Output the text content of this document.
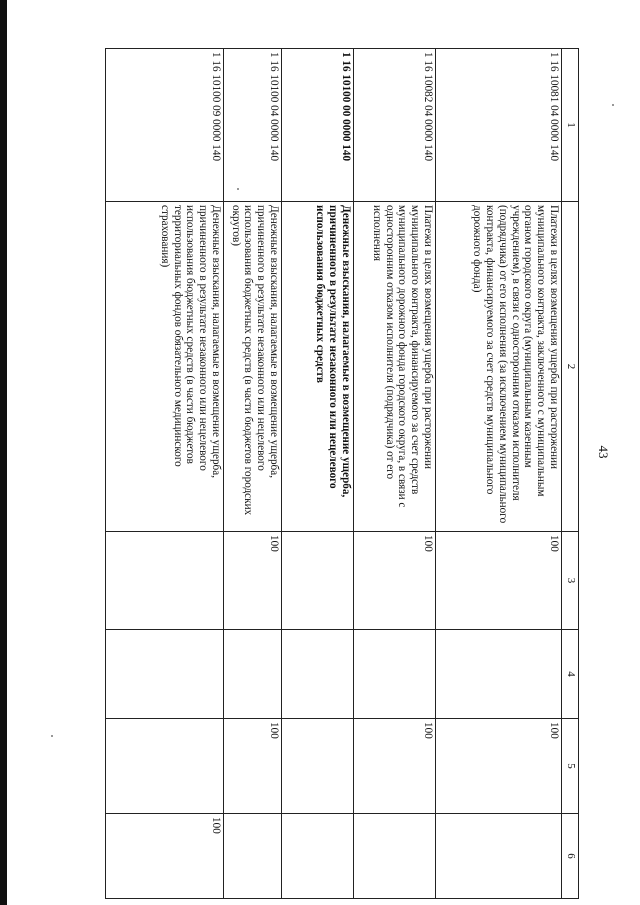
43
1	2	3	4	5	6
1 16 10081 04 0000 140	Платежи в целях возмещения ущерба при расторжении муниципального контракта, заключенного с муниципальным органом городского округа (муниципальным казенным учреждением), в связи с односторонним отказом исполнителя (подрядчика) от его исполнения (за исключением муниципального контракта, финансируемого за счет средств муниципального дорожного фонда)	100		100	
1 16 10082 04 0000 140	Платежи в целях возмещения ущерба при расторжении муниципального контракта, финансируемого за счет средств муниципального дорожного фонда городского округа, в связи с односторонним отказом исполнителя (подрядчика) от его исполнения	100		100	
1 16 10100 00 0000 140	Денежные взыскания, налагаемые в возмещение ущерба, причиненного в результате незаконного или нецелевого использования бюджетных средств				
1 16 10100 04 0000 140	Денежные взыскания, налагаемые в возмещение ущерба, причиненного в результате незаконного или нецелевого использования бюджетных средств (в части бюджетов городских округов)	100		100	
1 16 10100 09 0000 140	Денежные взыскания, налагаемые в возмещение ущерба, причиненного в результате незаконного или нецелевого использования бюджетных средств (в части бюджетов территориальных фондов обязательного медицинского страхования)				100
